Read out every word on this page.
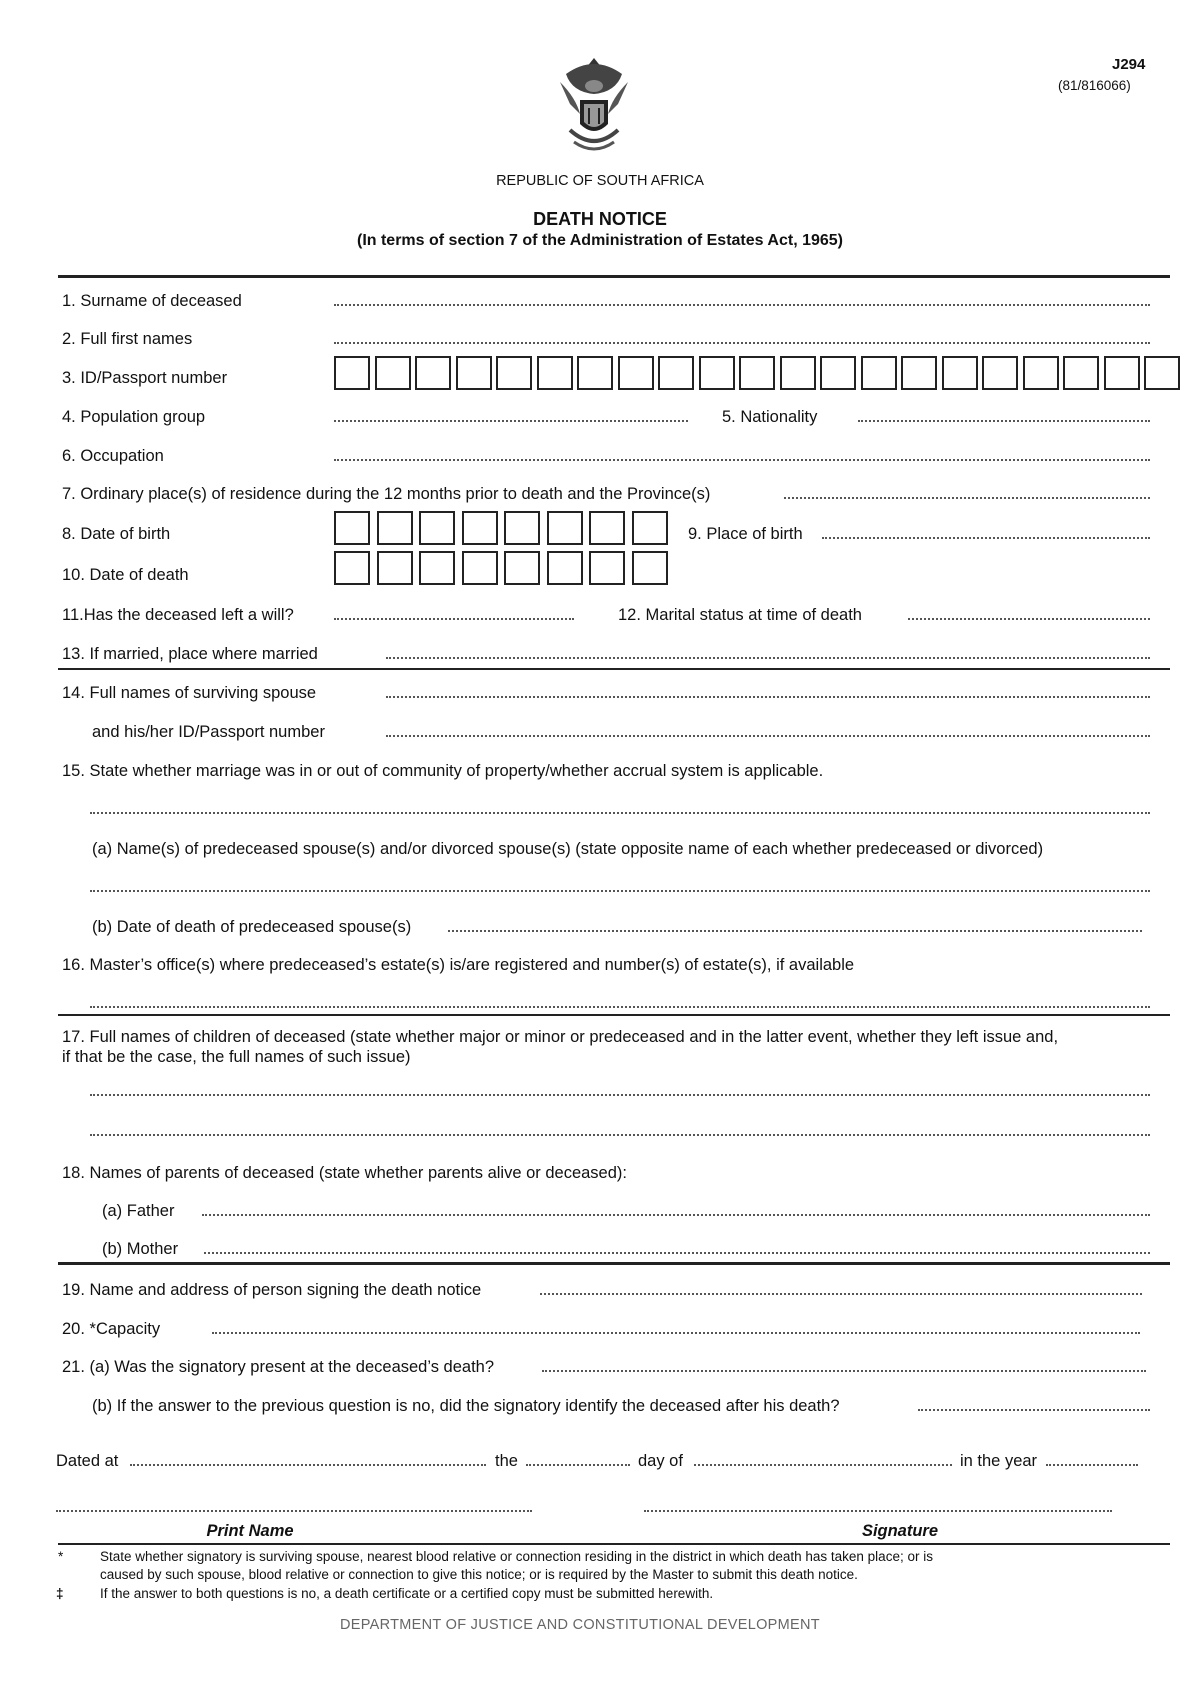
J294
(81/816066)
REPUBLIC OF SOUTH AFRICA
DEATH NOTICE
(In terms of section 7 of the Administration of Estates Act, 1965)
1. Surname of deceased
2. Full first names
3. ID/Passport number
4. Population group	5. Nationality
6. Occupation
7. Ordinary place(s) of residence during the 12 months prior to death and the Province(s)
8. Date of birth	9. Place of birth
10. Date of death
11.Has the deceased left a will?	12. Marital status at time of death
13. If married, place where married
14. Full names of surviving spouse
and his/her ID/Passport number
15. State whether marriage was in or out of community of property/whether accrual system is applicable.
(a) Name(s) of predeceased spouse(s) and/or divorced spouse(s) (state opposite name of each whether predeceased or divorced)
(b) Date of death of predeceased spouse(s)
16. Master’s office(s) where predeceased’s estate(s) is/are registered and number(s) of estate(s), if available
17. Full names of children of deceased (state whether major or minor or predeceased and in the latter event, whether they left issue and,
if that be the case, the full names of such issue)
18. Names of parents of deceased (state whether parents alive or deceased):
(a) Father
(b) Mother
19. Name and address of person signing the death notice
20. *Capacity
21. (a) Was the signatory present at the deceased’s death?
(b) If the answer to the previous question is no, did the signatory identify the deceased after his death?
Dated at	the	day of	in the year
Print Name	Signature
*	State whether signatory is surviving spouse, nearest blood relative or connection residing in the district in which death has taken place; or is
caused by such spouse, blood relative or connection to give this notice; or is required by the Master to submit this death notice.
‡	If the answer to both questions is no, a death certificate or a certified copy must be submitted herewith.
DEPARTMENT OF JUSTICE AND CONSTITUTIONAL DEVELOPMENT
